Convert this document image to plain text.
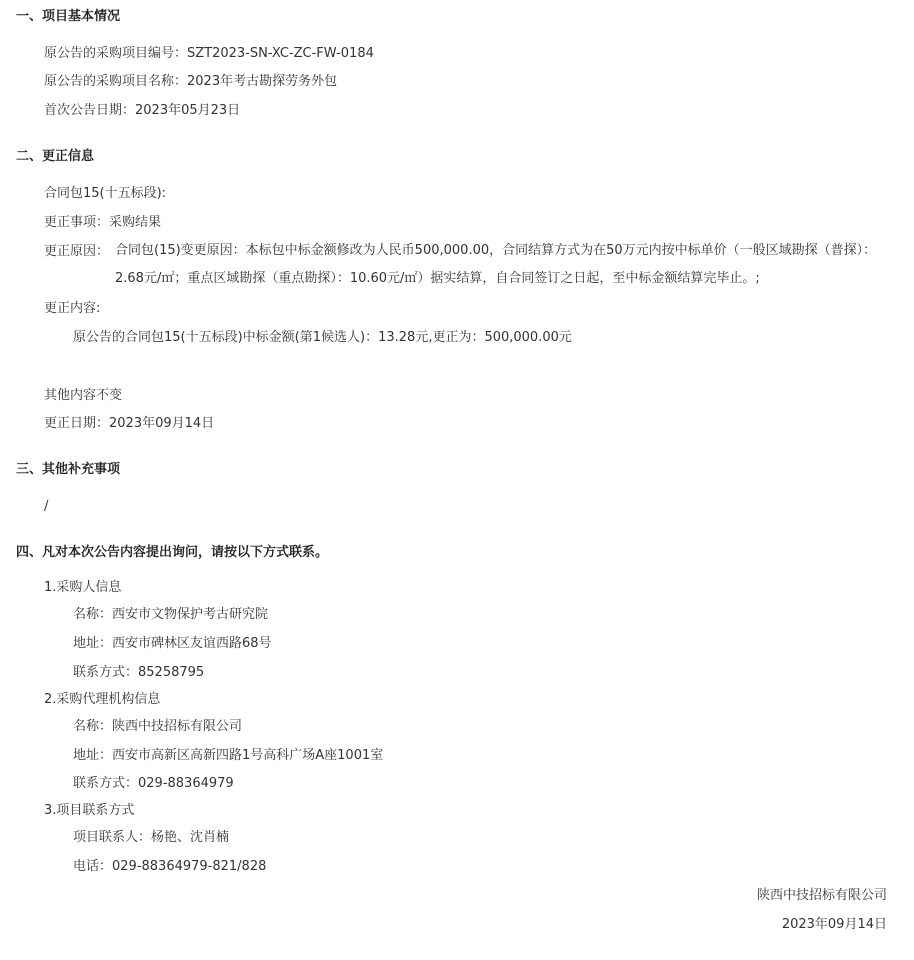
一、项目基本情况
原公告的采购项目编号：SZT2023-SN-XC-ZC-FW-0184
原公告的采购项目名称：2023年考古勘探劳务外包
首次公告日期：2023年05月23日
二、更正信息
合同包15(十五标段):
更正事项：采购结果
更正原因： 合同包(15)变更原因：本标包中标金额修改为人民币500,000.00，合同结算方式为在50万元内按中标单价（一般区域勘探（普探）：2.68元/㎡；重点区域勘探（重点勘探）：10.60元/㎡）据实结算，自合同签订之日起，至中标金额结算完毕止。;
更正内容:
原公告的合同包15(十五标段)中标金额(第1候选人)：13.28元,更正为：500,000.00元
其他内容不变
更正日期：2023年09月14日
三、其他补充事项
/
四、凡对本次公告内容提出询问，请按以下方式联系。
1.采购人信息
名称：西安市文物保护考古研究院
地址：西安市碑林区友谊西路68号
联系方式：85258795
2.采购代理机构信息
名称：陕西中技招标有限公司
地址：西安市高新区高新四路1号高科广场A座1001室
联系方式：029-88364979
3.项目联系方式
项目联系人：杨艳、沈肖楠
电话：029-88364979-821/828
陕西中技招标有限公司
2023年09月14日
